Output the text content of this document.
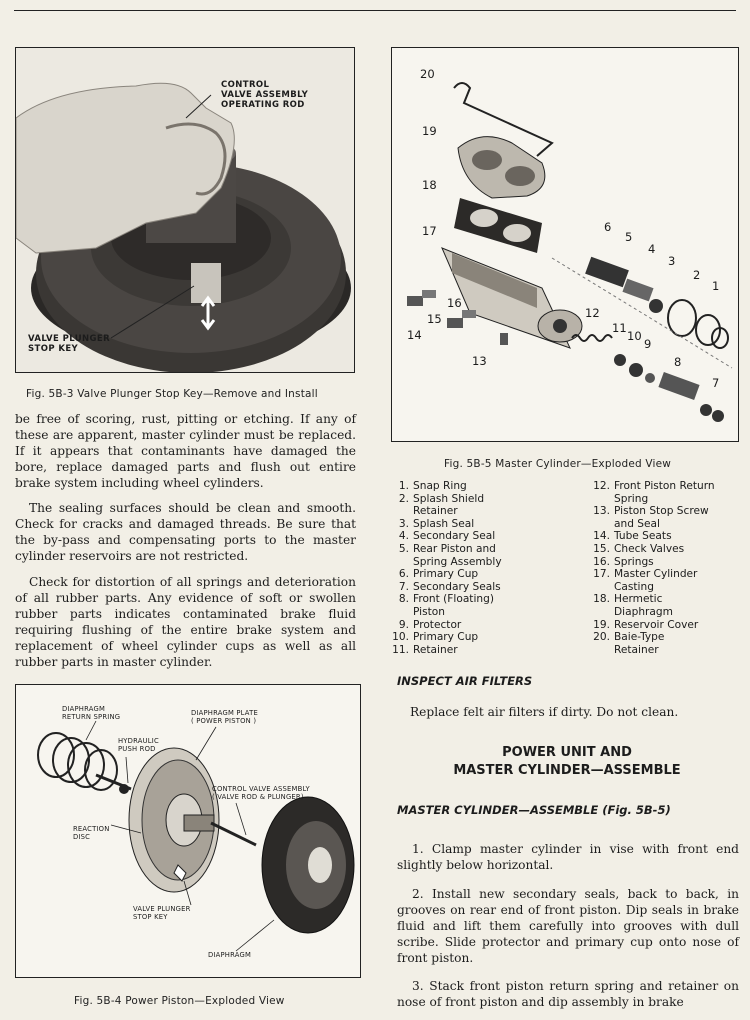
CONTROL
VALVE ASSEMBLY
OPERATING ROD
VALVE PLUNGER
STOP KEY
Fig. 5B-3 Valve Plunger Stop Key—Remove and Install

be free of scoring, rust, pitting or etching. If any of these are apparent, master cylinder must be replaced. If it appears that contaminants have damaged the bore, replace damaged parts and flush out entire brake system including wheel cylinders.

The sealing surfaces should be clean and smooth. Check for cracks and damaged threads. Be sure that the by-pass and compensating ports to the master cylinder reservoirs are not restricted.

Check for distortion of all springs and deterioration of all rubber parts. Any evidence of soft or swollen rubber parts indicates contaminated brake fluid requiring flushing of the entire brake system and replacement of wheel cylinder cups as well as all rubber parts in master cylinder.

DIAPHRAGM
RETURN SPRING	DIAPHRAGM PLATE
( POWER PISTON )
HYDRAULIC
PUSH ROD
CONTROL VALVE ASSEMBLY
( VALVE ROD & PLUNGER)
REACTION
DISC
VALVE PLUNGER
STOP KEY
DIAPHRAGM
Fig. 5B-4 Power Piston—Exploded View
20
19
18
17
16
15
14
13
12
11
10
9
8
7
6
5
4
3
2
1
Fig. 5B-5 Master Cylinder—Exploded View
1. Snap Ring
2. Splash Shield
Retainer
3. Splash Seal
4. Secondary Seal
5. Rear Piston and
Spring Assembly
6. Primary Cup
7. Secondary Seals
8. Front (Floating)
Piston
9. Protector
10. Primary Cup
11. Retainer
12. Front Piston Return
Spring
13. Piston Stop Screw
and Seal
14. Tube Seats
15. Check Valves
16. Springs
17. Master Cylinder
Casting
18. Hermetic
Diaphragm
19. Reservoir Cover
20. Baie-Type
Retainer
INSPECT AIR FILTERS

Replace felt air filters if dirty. Do not clean.

POWER UNIT AND
MASTER CYLINDER—ASSEMBLE
MASTER CYLINDER—ASSEMBLE (Fig. 5B-5)

1. Clamp master cylinder in vise with front end slightly below horizontal.

2. Install new secondary seals, back to back, in grooves on rear end of front piston. Dip seals in brake fluid and lift them carefully into grooves with dull scribe. Slide protector and primary cup onto nose of front piston.

3. Stack front piston return spring and retainer on nose of front piston and dip assembly in brake
